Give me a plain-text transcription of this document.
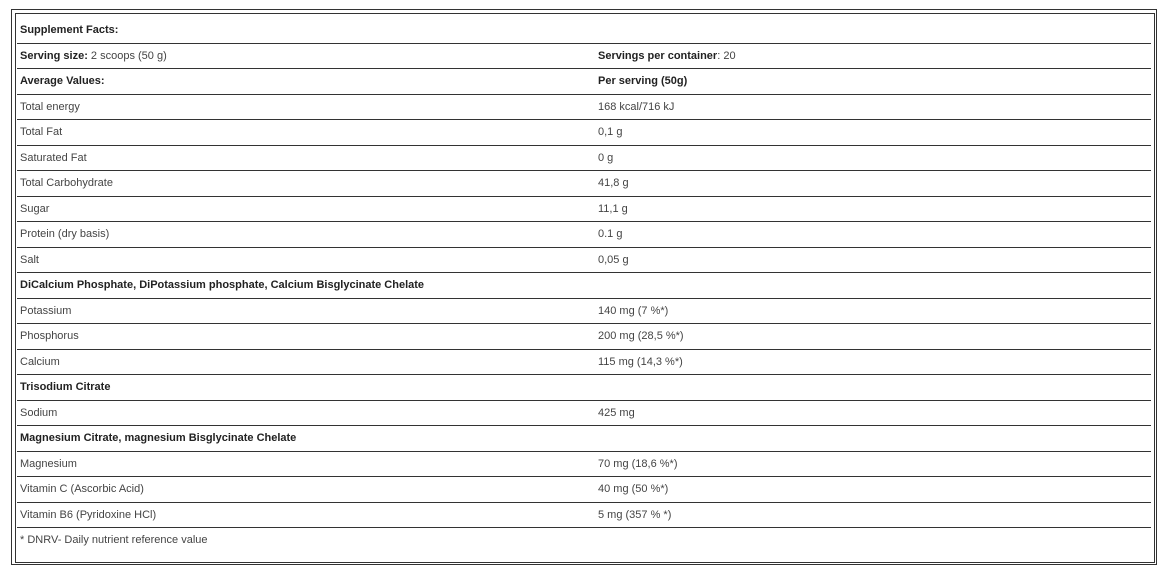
Supplement Facts:
Serving size: 2 scoops (50 g)	Servings per container: 20
Average Values:	Per serving (50g)
Total energy	168 kcal/716 kJ
Total Fat	0,1 g
Saturated Fat	0 g
Total Carbohydrate	41,8 g
Sugar	11,1 g
Protein (dry basis)	0.1 g
Salt	0,05 g
DiCalcium Phosphate, DiPotassium phosphate, Calcium Bisglycinate Chelate
Potassium	140 mg (7 %*)
Phosphorus	200 mg (28,5 %*)
Calcium	115 mg (14,3 %*)
Trisodium Citrate
Sodium	425 mg
Magnesium Citrate, magnesium Bisglycinate Chelate
Magnesium	70 mg (18,6 %*)
Vitamin C (Ascorbic Acid)	40 mg (50 %*)
Vitamin B6 (Pyridoxine HCl)	5 mg (357 % *)
* DNRV- Daily nutrient reference value
